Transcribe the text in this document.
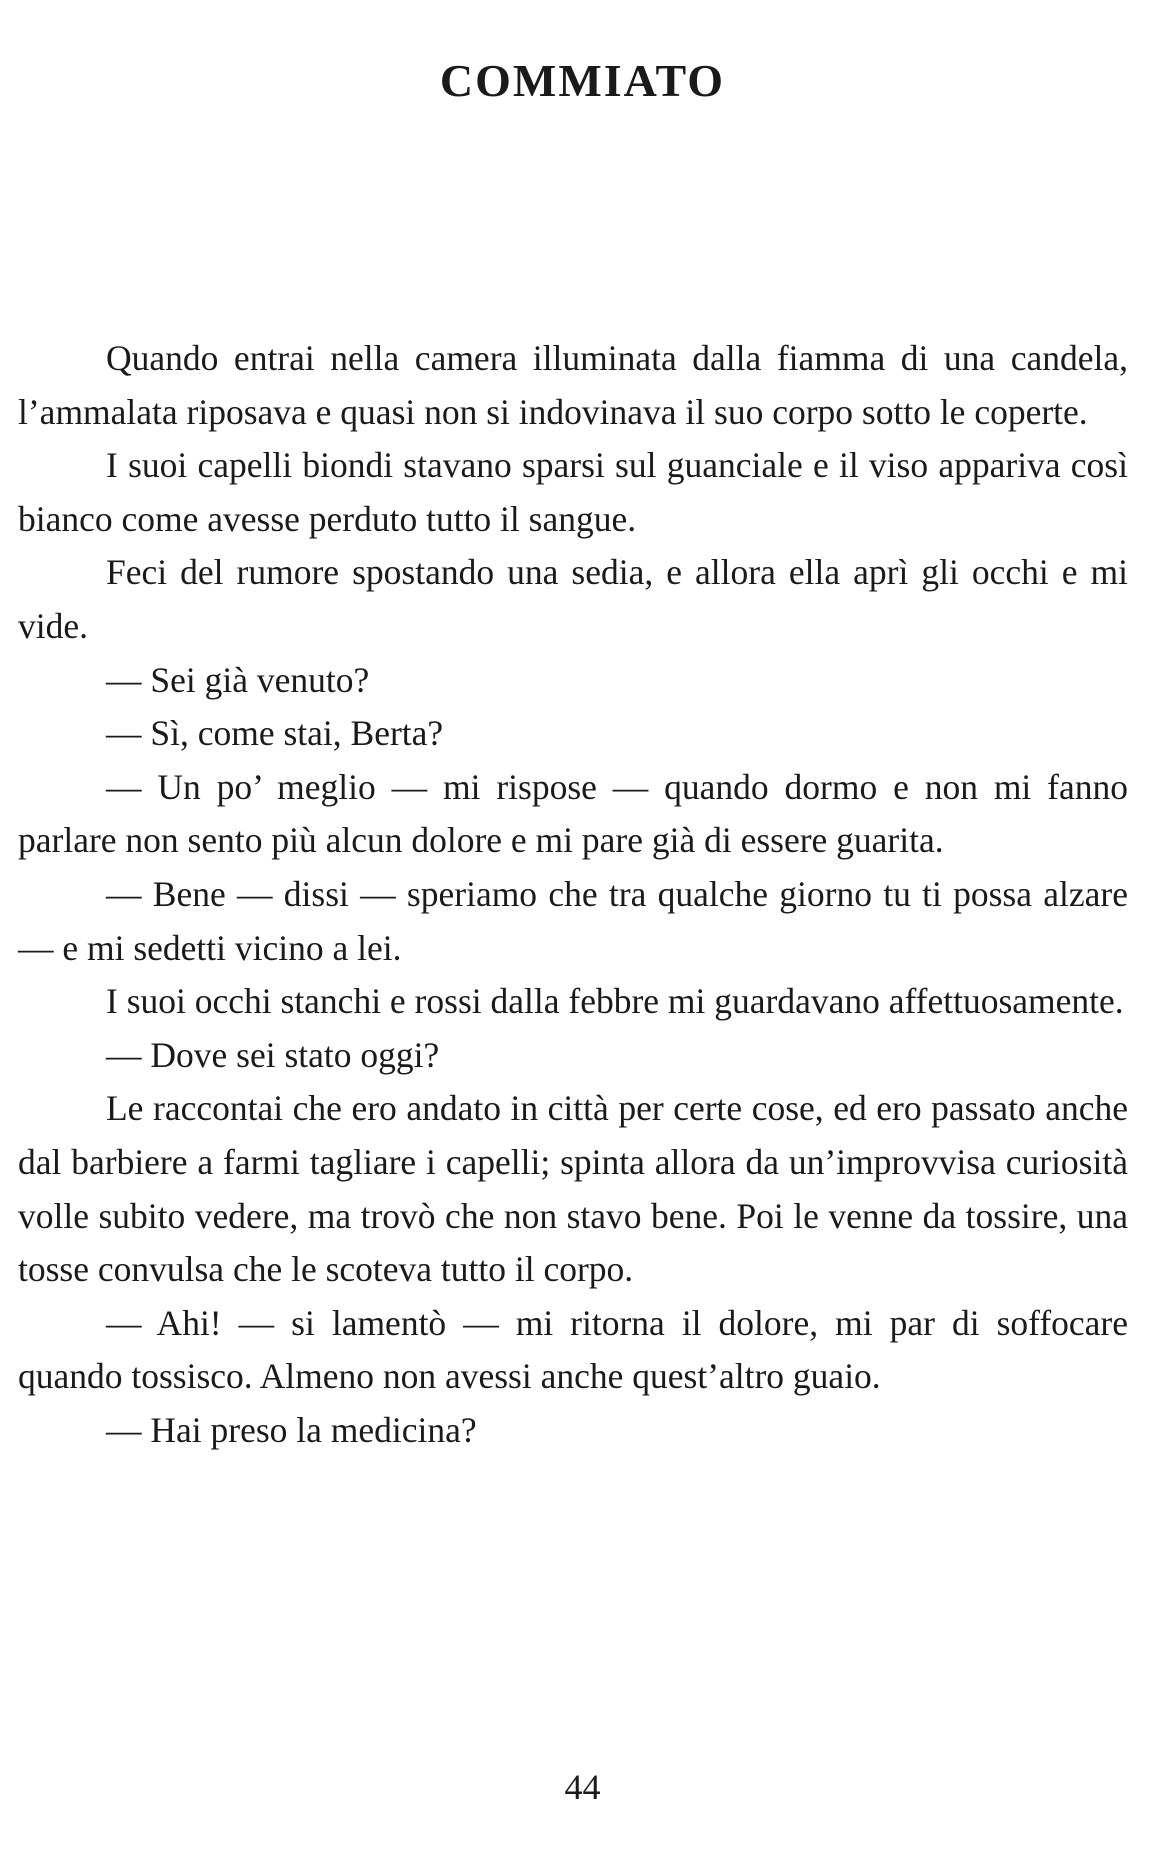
COMMIATO

Quando entrai nella camera illuminata dalla fiamma di una candela, l’ammalata riposava e quasi non si indovinava il suo corpo sotto le coperte.

I suoi capelli biondi stavano sparsi sul guanciale e il viso appariva così bianco come avesse perduto tutto il sangue.

Feci del rumore spostando una sedia, e allora ella aprì gli occhi e mi vide.

— Sei già venuto?

— Sì, come stai, Berta?

— Un po’ meglio — mi rispose — quando dormo e non mi fanno parlare non sento più alcun dolore e mi pare già di essere guarita.

— Bene — dissi — speriamo che tra qualche giorno tu ti possa alzare — e mi sedetti vicino a lei.

I suoi occhi stanchi e rossi dalla febbre mi guardavano affettuosamente.

— Dove sei stato oggi?

Le raccontai che ero andato in città per certe cose, ed ero passato anche dal barbiere a farmi tagliare i capelli; spinta allora da un’improvvisa curiosità volle subito vedere, ma trovò che non stavo bene. Poi le venne da tossire, una tosse convulsa che le scoteva tutto il corpo.

— Ahi! — si lamentò — mi ritorna il dolore, mi par di soffocare quando tossisco. Almeno non avessi anche quest’altro guaio.

— Hai preso la medicina?

44
